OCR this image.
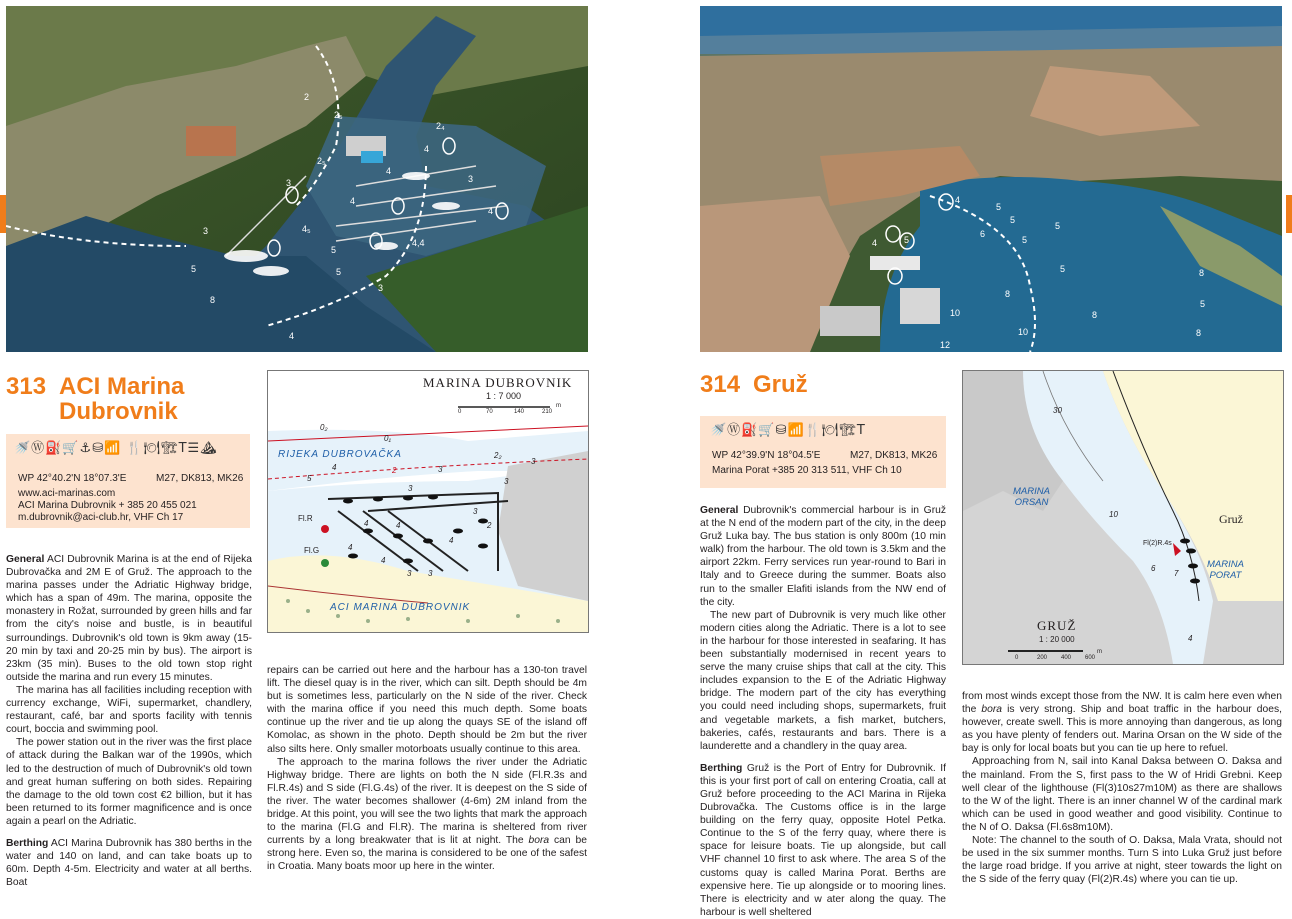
2
2₅
2₄
3
4
4
2₅
3
4
4
3
5	5
4₅
4,4
3
8
4
5
313 ACI Marina
Dubrovnik
🚿Ⓦ⛽🛒⚓⛁📶 🍴🍽🏗T☰⛰
WP 42°40.2'N 18°07.3'E	M27, DK813, MK26
www.aci-marinas.com
ACI Marina Dubrovnik + 385 20 455 021
m.dubrovnik@aci-club.hr, VHF Ch 17
MARINA DUBROVNIK
1 : 7 000
0	70	140	210
m
RIJEKA DUBROVAČKA
ACI MARINA DUBROVNIK
Fl.R
Fl.G
0₂
0₁
4	2	3
2₂
3
3
3
4	2
5
4
4
4
3
3
4
3

General ACI Dubrovnik Marina is at the end of Rijeka Dubrovačka and 2M E of Gruž. The approach to the marina passes under the Adriatic Highway bridge, which has a span of 49m. The marina, opposite the monastery in Rožat, surrounded by green hills and far from the city's noise and bustle, is in beautiful surroundings. Dubrovnik's old town is 9km away (15-20 min by taxi and 20-25 min by bus). The airport is 23km (35 min). Buses to the old town stop right outside the marina and run every 15 minutes.

The marina has all facilities including reception with currency exchange, WiFi, supermarket, chandlery, restaurant, café, bar and sports facility with tennis court, boccia and swimming pool.

The power station out in the river was the first place of attack during the Balkan war of the 1990s, which led to the destruction of much of Dubrovnik's old town and great human suffering on both sides. Repairing the damage to the old town cost €2 billion, but it has been returned to its former magnificence and is once again a pearl on the Adriatic.

Berthing ACI Marina Dubrovnik has 380 berths in the water and 140 on land, and can take boats up to 60m. Depth 4-5m. Electricity and water at all berths. Boat

repairs can be carried out here and the harbour has a 130-ton travel lift. The diesel quay is in the river, which can silt. Depth should be 4m but is sometimes less, particularly on the N side of the river. Check with the marina office if you need this much depth. Some boats continue up the river and tie up along the quays SE of the island off Komolac, as shown in the photo. Depth should be 2m but the river also silts here. Only smaller motorboats usually continue to this area.

The approach to the marina follows the river under the Adriatic Highway bridge. There are lights on both the N side (Fl.R.3s and Fl.R.4s) and S side (Fl.G.4s) of the river. It is deepest on the S side of the river. The water becomes shallower (4-6m) 2M inland from the bridge. At this point, you will see the two lights that mark the approach to the marina (Fl.G and Fl.R). The marina is sheltered from river currents by a long breakwater that is lit at night. The bora can be strong here. Even so, the marina is considered to be one of the safest in Croatia. Many boats moor up here in the winter.

4
5
5
5
6
5
4	5
8
8
10
10
12
8
8
5
5
314 Gruž
🚿Ⓦ⛽🛒⛁📶🍴🍽🏗T
WP 42°39.9'N 18°04.5'E	M27, DK813, MK26
Marina Porat +385 20 313 511, VHF Ch 10
MARINA
ORSAN
MARINA
PORAT
Gruž
Fl(2)R.4s
30
10
6
7
4
GRUŽ
1 : 20 000
0	200 400 600
m

General Dubrovnik's commercial harbour is in Gruž at the N end of the modern part of the city, in the deep Gruž Luka bay. The bus station is only 800m (10 min walk) from the harbour. The old town is 3.5km and the airport 22km. Ferry services run year-round to Bari in Italy and to Greece during the summer. Boats also run to the smaller Elafiti islands from the NW end of the city.

The new part of Dubrovnik is very much like other modern cities along the Adriatic. There is a lot to see in the harbour for those interested in seafaring. It has been substantially modernised in recent years to serve the many cruise ships that call at the city. This includes expansion to the E of the Adriatic Highway bridge. The modern part of the city has everything you could need including shops, supermarkets, fruit and vegetable markets, a fish market, butchers, bakeries, cafés, restaurants and bars. There is a launderette and a chandlery in the quay area.

Berthing Gruž is the Port of Entry for Dubrovnik. If this is your first port of call on entering Croatia, call at Gruž before proceeding to the ACI Marina in Rijeka Dubrovačka. The Customs office is in the large building on the ferry quay, opposite Hotel Petka. Continue to the S of the ferry quay, where there is space for leisure boats. Tie up alongside, but call VHF channel 10 first to ask where. The area S of the customs quay is called Marina Porat. Berths are expensive here. Tie up alongside or to mooring lines. There is electricity and w ater along the quay. The harbour is well sheltered

from most winds except those from the NW. It is calm here even when the bora is very strong. Ship and boat traffic in the harbour does, however, create swell. This is more annoying than dangerous, as long as you have plenty of fenders out. Marina Orsan on the W side of the bay is only for local boats but you can tie up here to refuel.

Approaching from N, sail into Kanal Daksa between O. Daksa and the mainland. From the S, first pass to the W of Hridi Grebni. Keep well clear of the lighthouse (Fl(3)10s27m10M) as there are shallows to the W of the light. There is an inner channel W of the cardinal mark which can be used in good weather and good visibility. Continue to the N of O. Daksa (Fl.6s8m10M).

Note: The channel to the south of O. Daksa, Mala Vrata, should not be used in the six summer months. Turn S into Luka Gruž just before the large road bridge. If you arrive at night, steer towards the light on the S side of the ferry quay (Fl(2)R.4s) where you can tie up.
